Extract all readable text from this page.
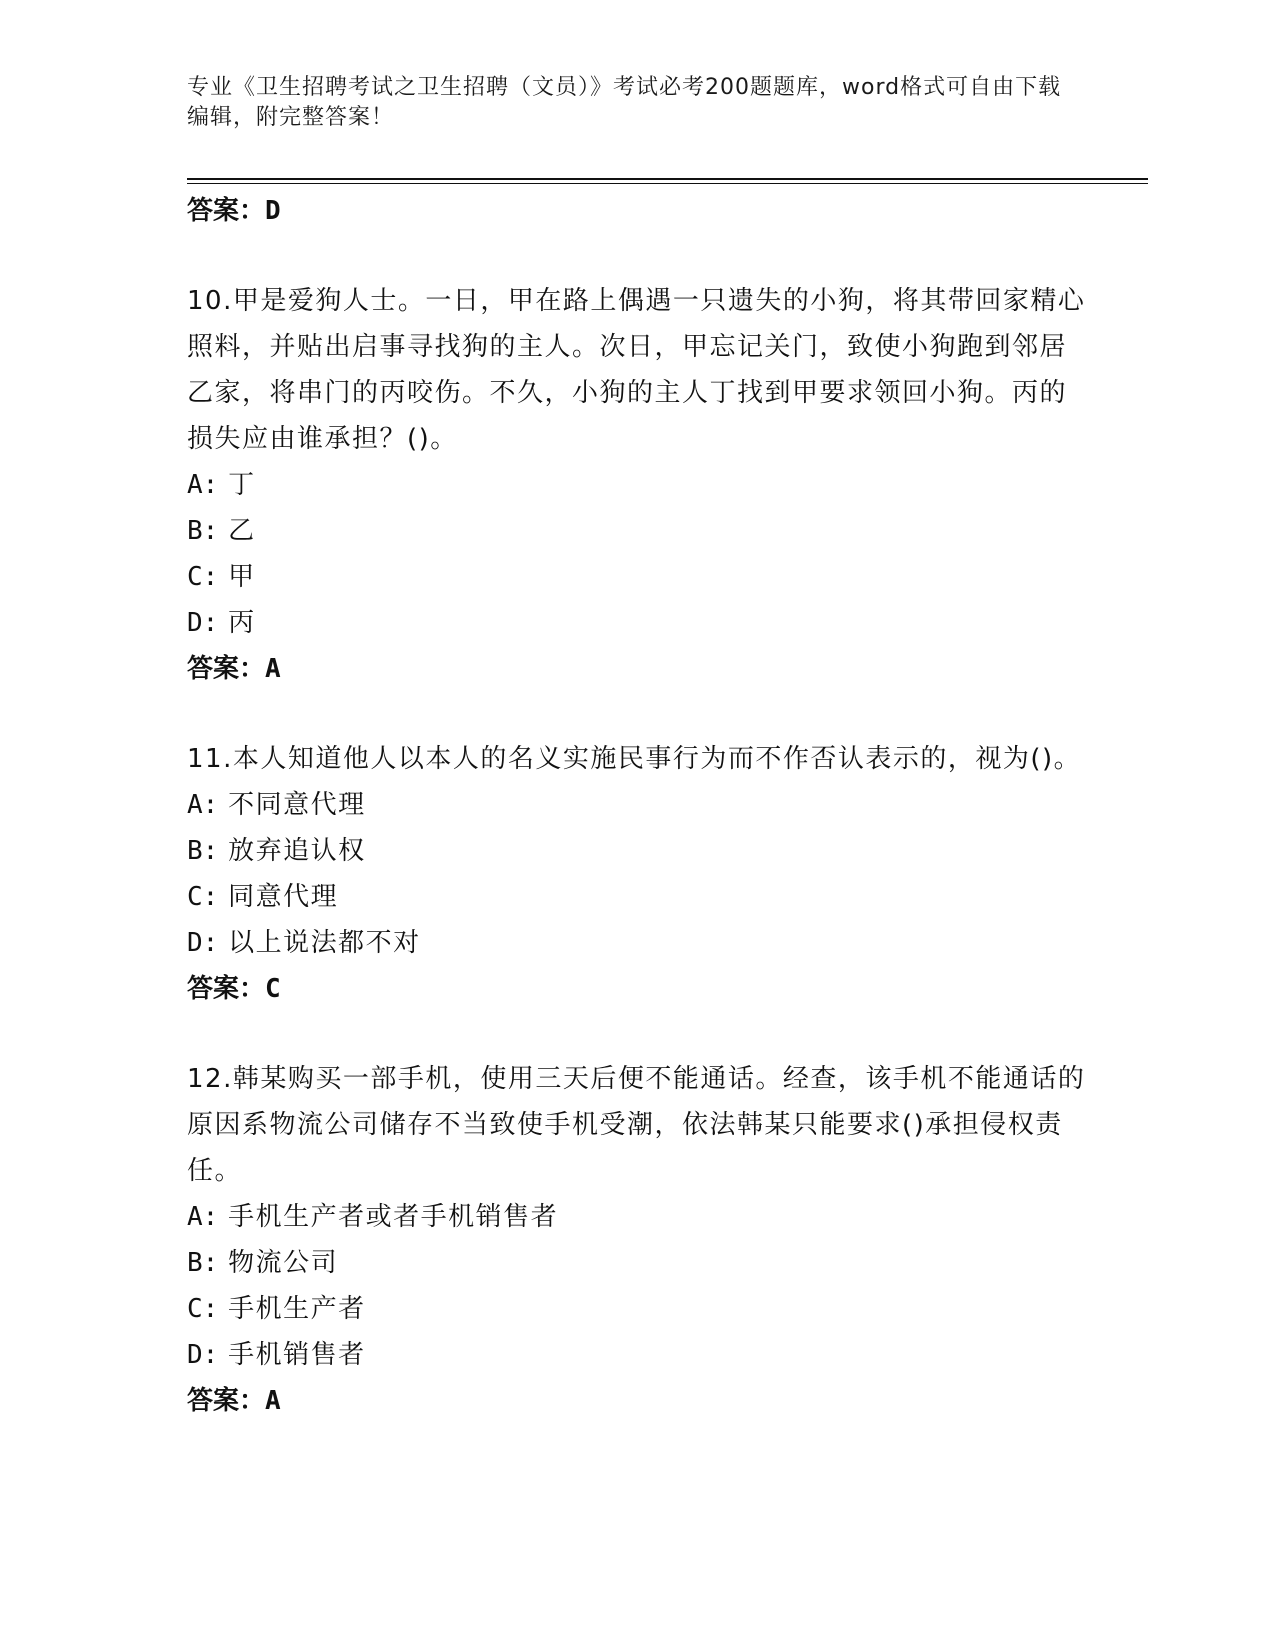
专业《卫生招聘考试之卫生招聘（文员）》考试必考200题题库，word格式可自由下载编辑，附完整答案！
答案：D

10.甲是爱狗人士。一日，甲在路上偶遇一只遗失的小狗，将其带回家精心照料，并贴出启事寻找狗的主人。次日，甲忘记关门，致使小狗跑到邻居乙家，将串门的丙咬伤。不久，小狗的主人丁找到甲要求领回小狗。丙的损失应由谁承担？()。

A: 丁

B: 乙

C: 甲

D: 丙

答案：A

11.本人知道他人以本人的名义实施民事行为而不作否认表示的，视为()。

A: 不同意代理

B: 放弃追认权

C: 同意代理

D: 以上说法都不对

答案：C

12.韩某购买一部手机，使用三天后便不能通话。经查，该手机不能通话的原因系物流公司储存不当致使手机受潮，依法韩某只能要求()承担侵权责任。

A: 手机生产者或者手机销售者

B: 物流公司

C: 手机生产者

D: 手机销售者

答案：A
